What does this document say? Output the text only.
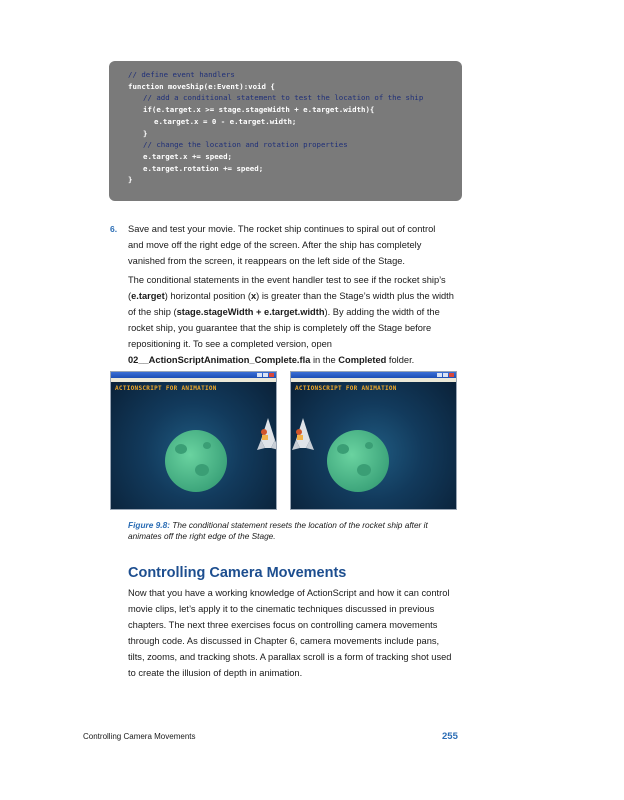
// define event handlers
function moveShip(e:Event):void {
// add a conditional statement to test the location of the ship
if(e.target.x >= stage.stageWidth + e.target.width){
e.target.x = 0 - e.target.width;
}
// change the location and rotation properties
e.target.x += speed;
e.target.rotation += speed;
}
6. Save and test your movie. The rocket ship continues to spiral out of control and move off the right edge of the screen. After the ship has completely vanished from the screen, it reappears on the left side of the Stage.
The conditional statements in the event handler test to see if the rocket ship’s (e.target) horizontal position (x) is greater than the Stage’s width plus the width of the ship (stage.stageWidth + e.target.width). By adding the width of the rocket ship, you guarantee that the ship is completely off the Stage before repositioning it. To see a completed version, open 02__ActionScriptAnimation_Complete.fla in the Completed folder.
ACTIONSCRIPT FOR ANIMATION	ACTIONSCRIPT FOR ANIMATION
Figure 9.8: The conditional statement resets the location of the rocket ship after it animates off the right edge of the Stage.
Controlling Camera Movements
Now that you have a working knowledge of ActionScript and how it can control movie clips, let’s apply it to the cinematic techniques discussed in previous chapters. The next three exercises focus on controlling camera movements through code. As discussed in Chapter 6, camera movements include pans, tilts, zooms, and tracking shots. A parallax scroll is a form of tracking shot used to create the illusion of depth in animation.
Controlling Camera Movements	255
